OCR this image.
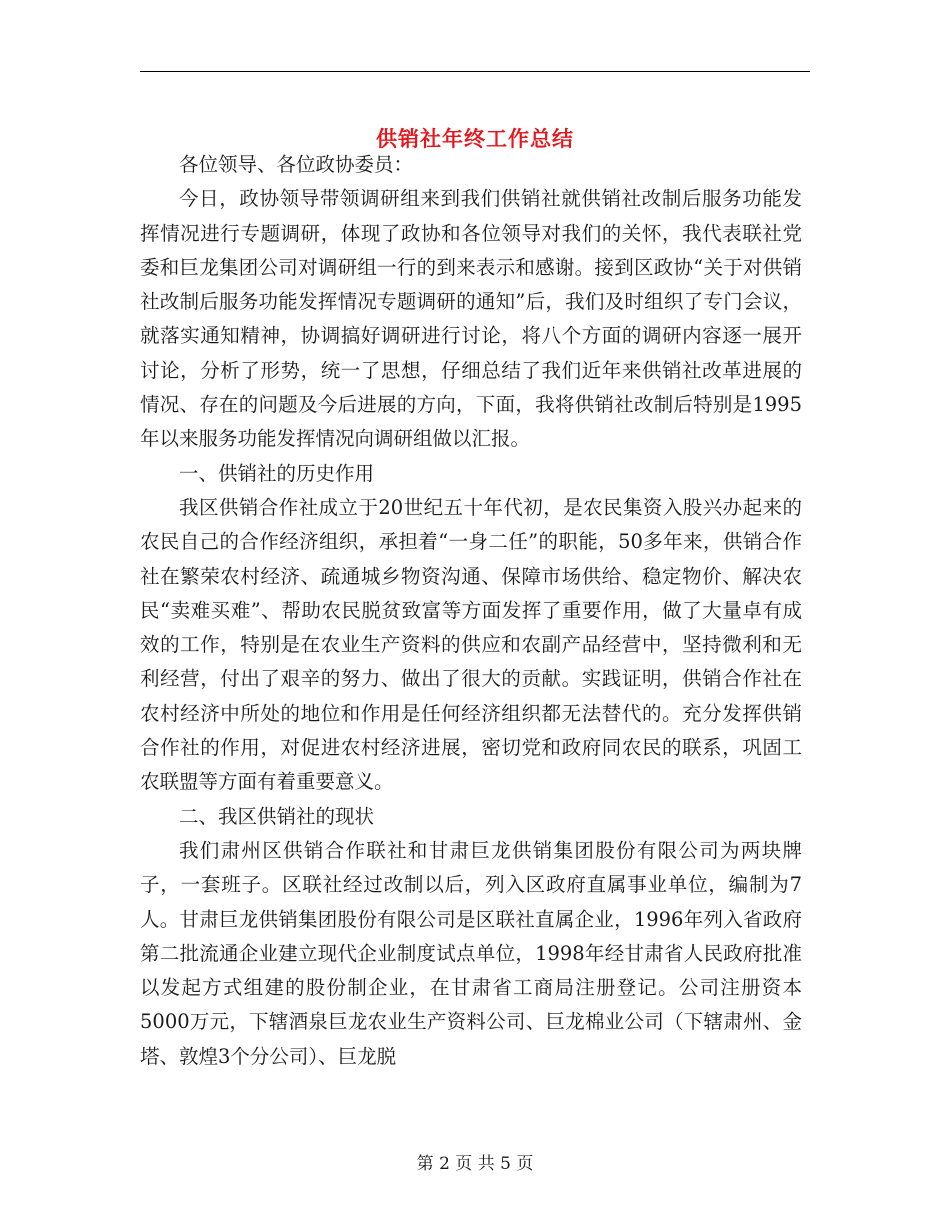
供销社年终工作总结

各位领导、各位政协委员：

今日，政协领导带领调研组来到我们供销社就供销社改制后服务功能发挥情况进行专题调研，体现了政协和各位领导对我们的关怀，我代表联社党委和巨龙集团公司对调研组一行的到来表示和感谢。接到区政协“关于对供销社改制后服务功能发挥情况专题调研的通知”后，我们及时组织了专门会议，就落实通知精神，协调搞好调研进行讨论，将八个方面的调研内容逐一展开讨论，分析了形势，统一了思想，仔细总结了我们近年来供销社改革进展的情况、存在的问题及今后进展的方向，下面，我将供销社改制后特别是1995年以来服务功能发挥情况向调研组做以汇报。

一、供销社的历史作用

我区供销合作社成立于20世纪五十年代初，是农民集资入股兴办起来的农民自己的合作经济组织，承担着“一身二任”的职能，50多年来，供销合作社在繁荣农村经济、疏通城乡物资沟通、保障市场供给、稳定物价、解决农民“卖难买难”、帮助农民脱贫致富等方面发挥了重要作用，做了大量卓有成效的工作，特别是在农业生产资料的供应和农副产品经营中，坚持微利和无利经营，付出了艰辛的努力、做出了很大的贡献。实践证明，供销合作社在农村经济中所处的地位和作用是任何经济组织都无法替代的。充分发挥供销合作社的作用，对促进农村经济进展，密切党和政府同农民的联系，巩固工农联盟等方面有着重要意义。

二、我区供销社的现状

我们肃州区供销合作联社和甘肃巨龙供销集团股份有限公司为两块牌子，一套班子。区联社经过改制以后，列入区政府直属事业单位，编制为7人。甘肃巨龙供销集团股份有限公司是区联社直属企业，1996年列入省政府第二批流通企业建立现代企业制度试点单位，1998年经甘肃省人民政府批准以发起方式组建的股份制企业，在甘肃省工商局注册登记。公司注册资本5000万元，下辖酒泉巨龙农业生产资料公司、巨龙棉业公司（下辖肃州、金塔、敦煌3个分公司）、巨龙脱

第 2 页 共 5 页
